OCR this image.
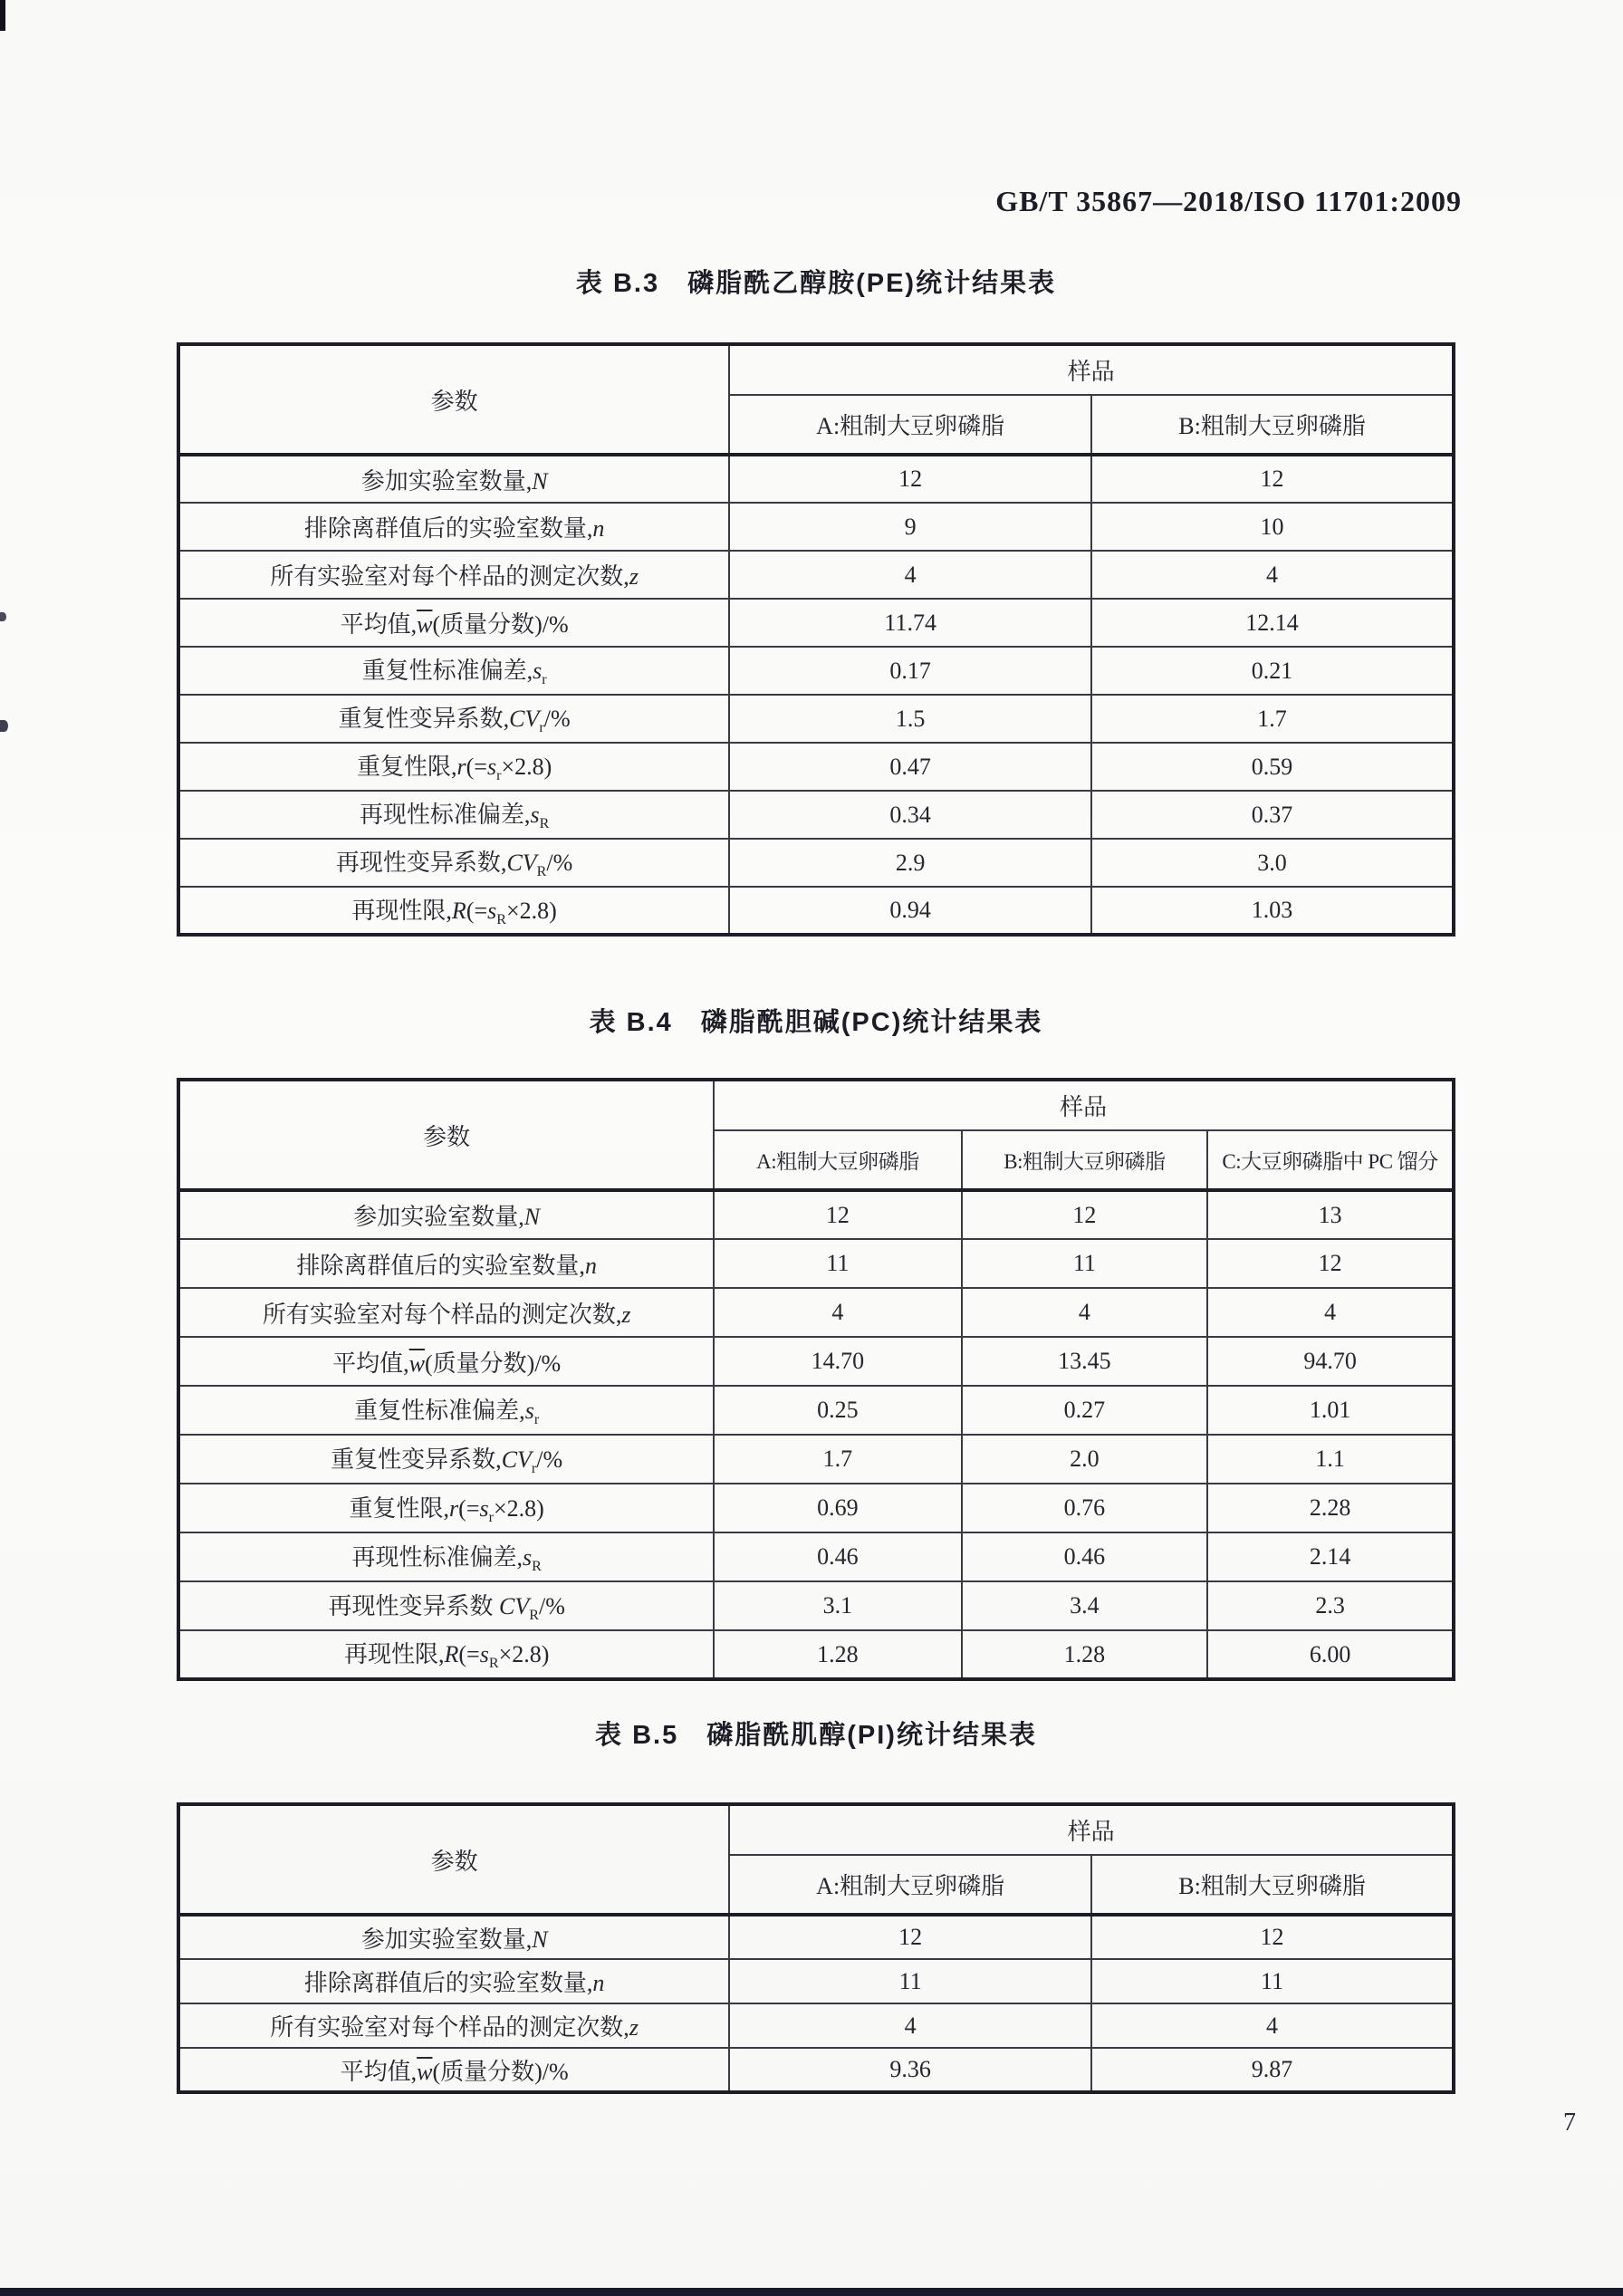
GB/T 35867—2018/ISO 11701:2009
表 B.3　磷脂酰乙醇胺(PE)统计结果表
参数	样品	
	A:粗制大豆卵磷脂	B:粗制大豆卵磷脂
参加实验室数量,N	12	12
排除离群值后的实验室数量,n	9	10
所有实验室对每个样品的测定次数,z	4	4
平均值$,\overline{w}$(质量分数)/%	11.74	12.14
重复性标准偏差$,s_r$	0.17	0.21
重复性变异系数$,CV_r/\%$	1.5	1.7
重复性限$,r(=s_r\times 2.8)$	0.47	0.59
再现性标准偏差$,s_R$	0.34	0.37
再现性变异系数$,CV_R/\%$	2.9	3.0
再现性限$,R(=s_R\times 2.8)$	0.94	1.03
表 B.4　磷脂酰胆碱(PC)统计结果表
参数	样品		
	A:粗制大豆卵磷脂	B:粗制大豆卵磷脂	C:大豆卵磷脂中 PC 馏分
参加实验室数量,N	12	12	13
排除离群值后的实验室数量,n	11	11	12
所有实验室对每个样品的测定次数,z	4	4	4
平均值$,\overline{w}$(质量分数)/%	14.70	13.45	94.70
重复性标准偏差$,s_r$	0.25	0.27	1.01
重复性变异系数$,CV_r/\%$	1.7	2.0	1.1
重复性限$,r(=s_r\times 2.8)$	0.69	0.76	2.28
再现性标准偏差$,s_R$	0.46	0.46	2.14
再现性变异系数 $CV_R/\%$	3.1	3.4	2.3
再现性限$,R(=s_R\times 2.8)$	1.28	1.28	6.00
表 B.5　磷脂酰肌醇(PI)统计结果表
参数	样品	
	A:粗制大豆卵磷脂	B:粗制大豆卵磷脂
参加实验室数量,N	12	12
排除离群值后的实验室数量,n	11	11
所有实验室对每个样品的测定次数,z	4	4
平均值$,\overline{w}$(质量分数)/%	9.36	9.87
7
